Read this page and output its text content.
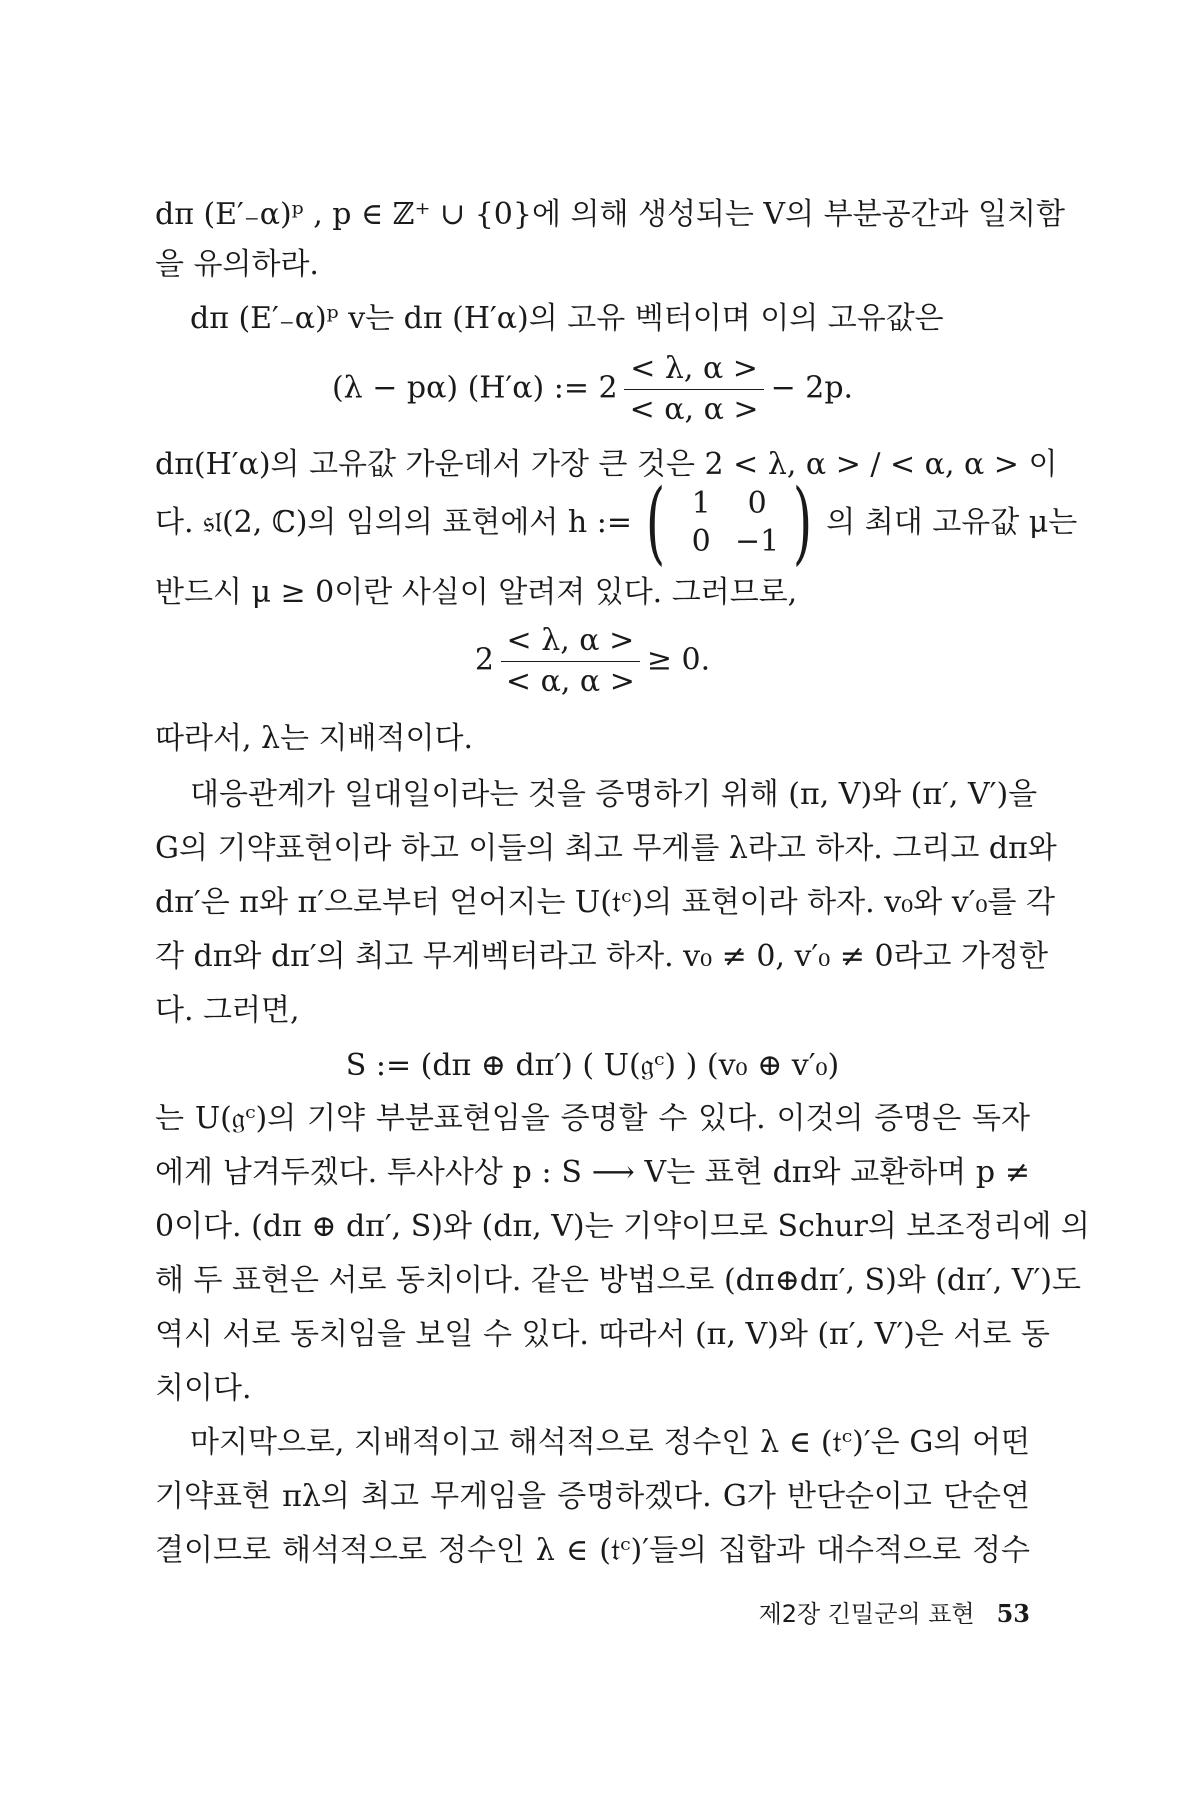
dπ (E′₋α)ᵖ , p ∈ ℤ⁺ ∪ {0}에 의해 생성되는 V의 부분공간과 일치함
을 유의하라.
dπ (E′₋α)ᵖ v는 dπ (H′α)의 고유 벡터이며 이의 고유값은
(λ − pα) (H′α) := $2 \frac{< \lambda, \alpha >}{< \alpha, \alpha >} - 2p$.
dπ(H′α)의 고유값 가운데서 가장 큰 것은 2 < λ, α > / < α, α > 이
다. 𝔰𝔩(2, ℂ)의 임의의 표현에서 h := ( 1	0
0 −1 ) 의 최대 고유값 μ는
반드시 μ ≥ 0이란 사실이 알려져 있다. 그러므로,
$2 \frac{< \lambda, \alpha >}{< \alpha, \alpha >} \ge 0$.
따라서, λ는 지배적이다.
대응관계가 일대일이라는 것을 증명하기 위해 (π, V)와 (π′, V′)을
G의 기약표현이라 하고 이들의 최고 무게를 λ라고 하자. 그리고 dπ와
dπ′은 π와 π′으로부터 얻어지는 U(𝔱ᶜ)의 표현이라 하자. v₀와 v′₀를 각
각 dπ와 dπ′의 최고 무게벡터라고 하자. v₀ ≠ 0, v′₀ ≠ 0라고 가정한
다. 그러면,
S := (dπ ⊕ dπ′) ( U(𝔤ᶜ) ) (v₀ ⊕ v′₀)
는 U(𝔤ᶜ)의 기약 부분표현임을 증명할 수 있다. 이것의 증명은 독자
에게 남겨두겠다. 투사사상 p : S ⟶ V는 표현 dπ와 교환하며 p ≠
0이다. (dπ ⊕ dπ′, S)와 (dπ, V)는 기약이므로 Schur의 보조정리에 의
해 두 표현은 서로 동치이다. 같은 방법으로 (dπ⊕dπ′, S)와 (dπ′, V′)도
역시 서로 동치임을 보일 수 있다. 따라서 (π, V)와 (π′, V′)은 서로 동
치이다.
마지막으로, 지배적이고 해석적으로 정수인 λ ∈ (𝔱ᶜ)′은 G의 어떤
기약표현 πλ의 최고 무게임을 증명하겠다. G가 반단순이고 단순연
결이므로 해석적으로 정수인 λ ∈ (𝔱ᶜ)′들의 집합과 대수적으로 정수
제2장 긴밀군의 표현 53
